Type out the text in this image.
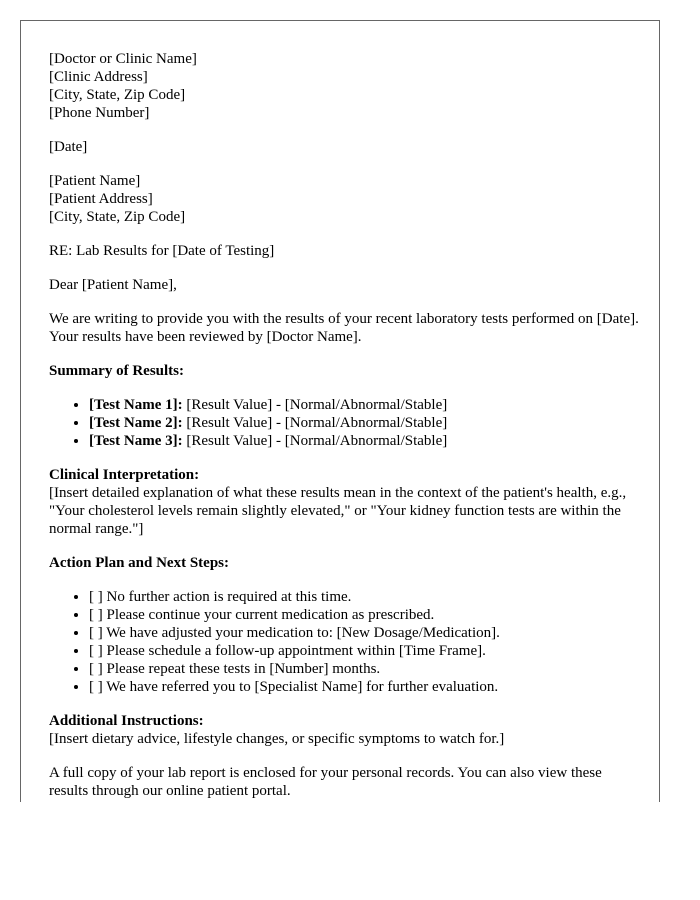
[Doctor or Clinic Name]
[Clinic Address]
[City, State, Zip Code]
[Phone Number]

[Date]

[Patient Name]
[Patient Address]
[City, State, Zip Code]

RE: Lab Results for [Date of Testing]

Dear [Patient Name],

We are writing to provide you with the results of your recent laboratory tests performed on [Date]. Your results have been reviewed by [Doctor Name].

Summary of Results:

• [Test Name 1]: [Result Value] - [Normal/Abnormal/Stable]
• [Test Name 2]: [Result Value] - [Normal/Abnormal/Stable]
• [Test Name 3]: [Result Value] - [Normal/Abnormal/Stable]
Clinical Interpretation:
[Insert detailed explanation of what these results mean in the context of the patient's health, e.g., "Your cholesterol levels remain slightly elevated," or "Your kidney function tests are within the normal range."]

Action Plan and Next Steps:

• [ ] No further action is required at this time.
• [ ] Please continue your current medication as prescribed.
• [ ] We have adjusted your medication to: [New Dosage/Medication].
• [ ] Please schedule a follow-up appointment within [Time Frame].
• [ ] Please repeat these tests in [Number] months.
• [ ] We have referred you to [Specialist Name] for further evaluation.
Additional Instructions:
[Insert dietary advice, lifestyle changes, or specific symptoms to watch for.]

A full copy of your lab report is enclosed for your personal records. You can also view these results through our online patient portal.
